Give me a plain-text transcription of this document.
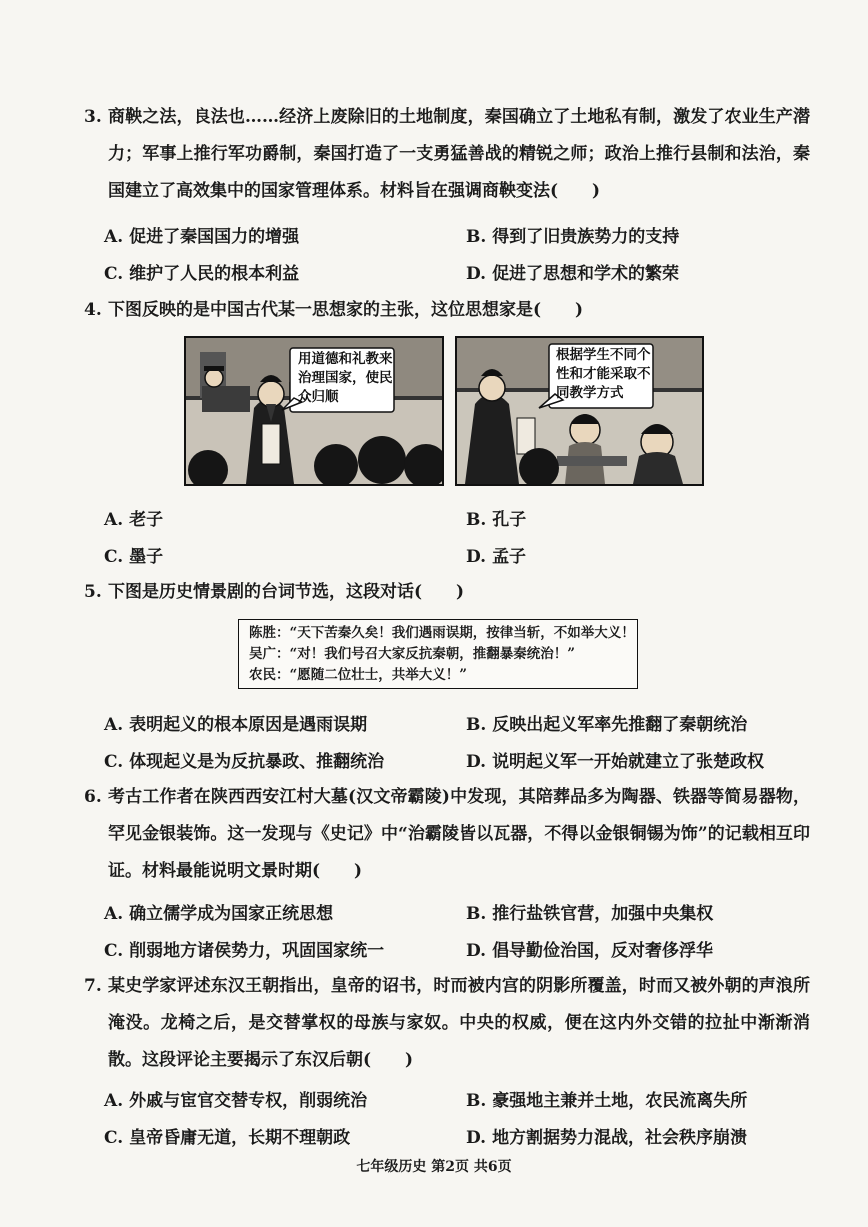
3. 商鞅之法，良法也……经济上废除旧的土地制度，秦国确立了土地私有制，激发了农业生产潜力；军事上推行军功爵制，秦国打造了一支勇猛善战的精锐之师；政治上推行县制和法治，秦国建立了高效集中的国家管理体系。材料旨在强调商鞅变法(　　)
A. 促进了秦国国力的增强	B. 得到了旧贵族势力的支持
C. 维护了人民的根本利益	D. 促进了思想和学术的繁荣
4. 下图反映的是中国古代某一思想家的主张，这位思想家是(　　)
用道德和礼教来
治理国家，使民
众归顺
根据学生不同个
性和才能采取不
同教学方式
A. 老子	B. 孔子
C. 墨子	D. 孟子
5. 下图是历史情景剧的台词节选，这段对话(　　)
陈胜：“天下苦秦久矣！我们遇雨误期，按律当斩，不如举大义！
吴广：“对！我们号召大家反抗秦朝，推翻暴秦统治！”
农民：“愿随二位壮士，共举大义！”
A. 表明起义的根本原因是遇雨误期	B. 反映出起义军率先推翻了秦朝统治
C. 体现起义是为反抗暴政、推翻统治	D. 说明起义军一开始就建立了张楚政权
6. 考古工作者在陕西西安江村大墓(汉文帝霸陵)中发现，其陪葬品多为陶器、铁器等简易器物，罕见金银装饰。这一发现与《史记》中“治霸陵皆以瓦器，不得以金银铜锡为饰”的记载相互印证。材料最能说明文景时期(　　)
A. 确立儒学成为国家正统思想	B. 推行盐铁官营，加强中央集权
C. 削弱地方诸侯势力，巩固国家统一	D. 倡导勤俭治国，反对奢侈浮华
7. 某史学家评述东汉王朝指出，皇帝的诏书，时而被内宫的阴影所覆盖，时而又被外朝的声浪所淹没。龙椅之后，是交替掌权的母族与家奴。中央的权威，便在这内外交错的拉扯中渐渐消散。这段评论主要揭示了东汉后朝(　　)
A. 外戚与宦官交替专权，削弱统治	B. 豪强地主兼并土地，农民流离失所
C. 皇帝昏庸无道，长期不理朝政	D. 地方割据势力混战，社会秩序崩溃
七年级历史 第2页 共6页
